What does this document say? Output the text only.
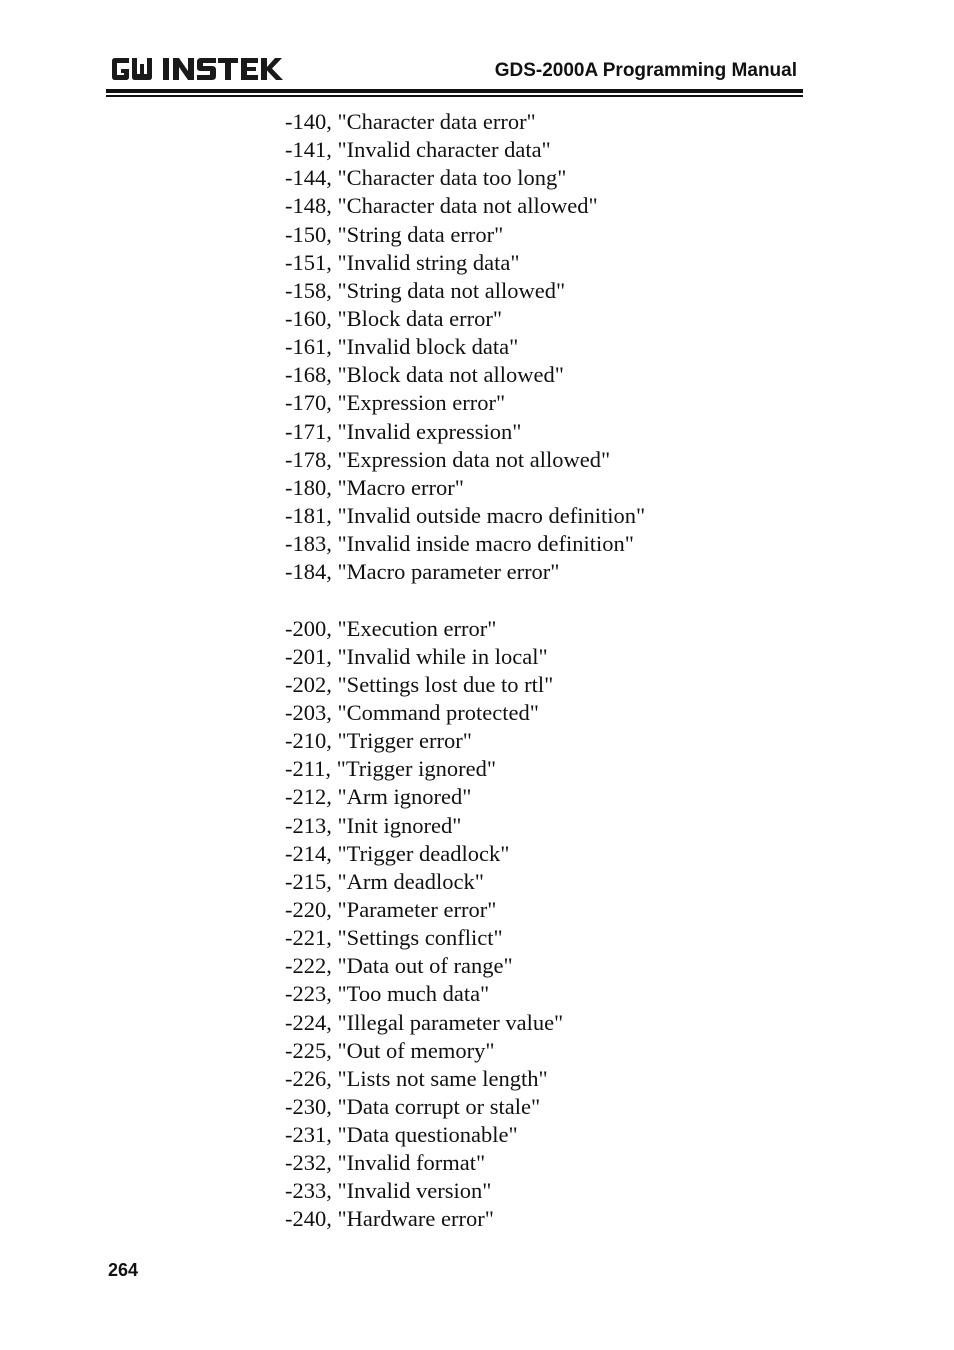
GDS-2000A Programming Manual
-140, "Character data error"
-141, "Invalid character data"
-144, "Character data too long"
-148, "Character data not allowed"
-150, "String data error"
-151, "Invalid string data"
-158, "String data not allowed"
-160, "Block data error"
-161, "Invalid block data"
-168, "Block data not allowed"
-170, "Expression error"
-171, "Invalid expression"
-178, "Expression data not allowed"
-180, "Macro error"
-181, "Invalid outside macro definition"
-183, "Invalid inside macro definition"
-184, "Macro parameter error"
-200, "Execution error"
-201, "Invalid while in local"
-202, "Settings lost due to rtl"
-203, "Command protected"
-210, "Trigger error"
-211, "Trigger ignored"
-212, "Arm ignored"
-213, "Init ignored"
-214, "Trigger deadlock"
-215, "Arm deadlock"
-220, "Parameter error"
-221, "Settings conflict"
-222, "Data out of range"
-223, "Too much data"
-224, "Illegal parameter value"
-225, "Out of memory"
-226, "Lists not same length"
-230, "Data corrupt or stale"
-231, "Data questionable"
-232, "Invalid format"
-233, "Invalid version"
-240, "Hardware error"
264
